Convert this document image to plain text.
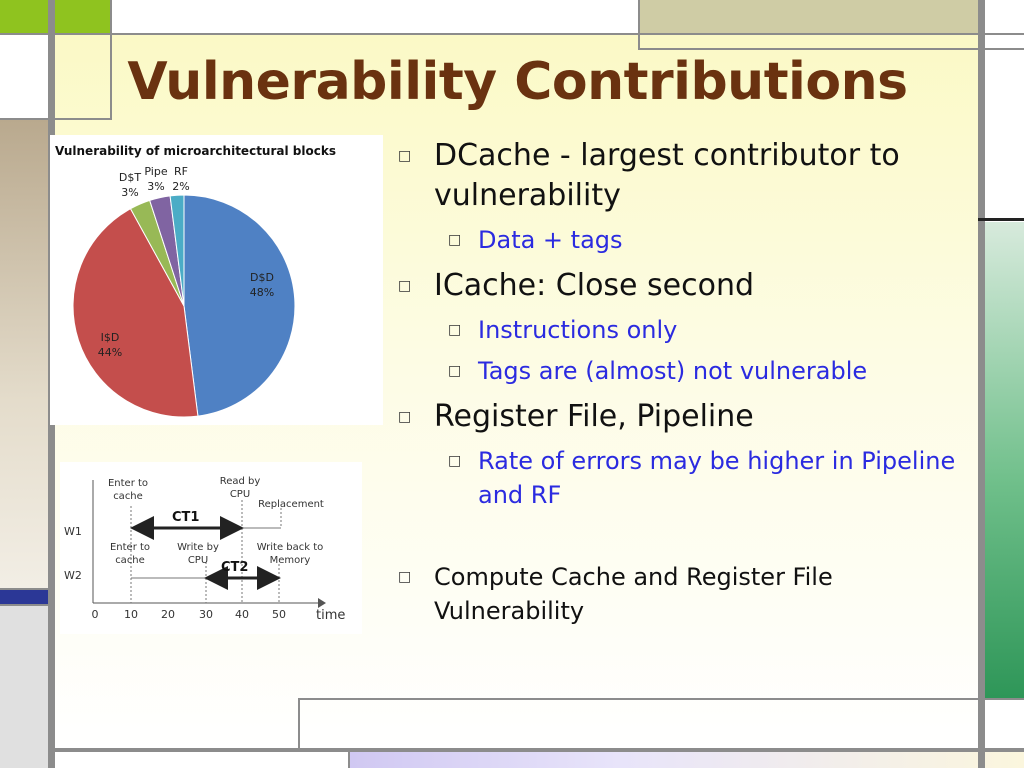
Vulnerability Contributions
□ DCache - largest contributor to vulnerability
□ Data + tags
□ ICache: Close second
□ Instructions only
□ Tags are (almost) not vulnerable
□ Register File, Pipeline
□ Rate of errors may be higher in Pipeline and RF
□ Compute Cache and Register File Vulnerability
Vulnerability of microarchitectural blocks
D$D
48%
I$D
44%
D$T
3%
Pipe
3%
RF
2%
W1
W2
0 10 20 30 40 50 time
CT1
CT2
Enter to
cache
Read by
CPU
Replacement
Enter to
cache
Write by
CPU
Write back to
Memory
